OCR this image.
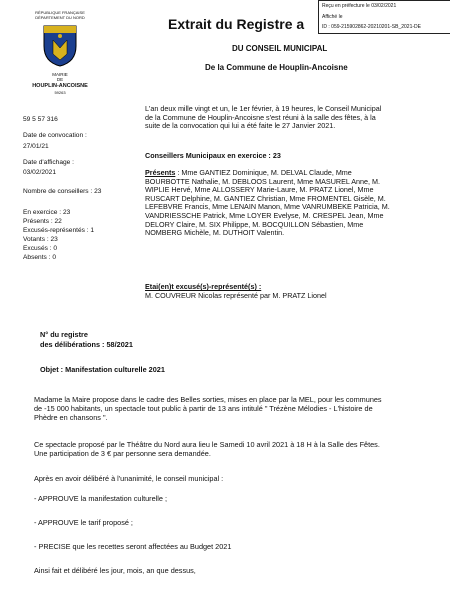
Reçu en préfecture le 03/02/2021
Affiché le
ID : 059-215902862-20210201-SB_2021-DE
RÉPUBLIQUE FRANÇAISE
DÉPARTEMENT DU NORD
MAIRIE
DE
HOUPLIN-ANCOISNE
59263
Extrait du Registre a
DU CONSEIL MUNICIPAL
De la Commune de Houplin-Ancoisne
59 5 57 316
Date de convocation :
27/01/21
Date d'affichage :
03/02/2021
Nombre de conseillers : 23
En exercice : 23
Présents : 22
Excusés-représentés : 1
Votants : 23
Excusés : 0
Absents : 0
L'an deux mille vingt et un, le 1er février, à 19 heures, le Conseil Municipal
de la Commune de Houplin-Ancoisne s'est réuni à la salle des fêtes, à la
suite de la convocation qui lui a été faite le 27 Janvier 2021.
Conseillers Municipaux en exercice : 23
Présents : Mme GANTIEZ Dominique, M. DELVAL Claude, Mme
BOURBOTTE Nathalie, M. DEBLOOS Laurent, Mme MASUREL Anne, M.
WIPLIE Hervé, Mme ALLOSSERY Marie-Laure, M. PRATZ Lionel, Mme
RUSCART Delphine, M. GANTIEZ Christian, Mme FROMENTEL Gisèle, M.
LEFEBVRE Francis, Mme LENAIN Manon, Mme VANRUMBEKE Patricia, M.
VANDRIESSCHE Patrick, Mme LOYER Evelyse, M. CRESPEL Jean, Mme
DELORY Claire, M. SIX Philippe, M. BOCQUILLON Sébastien, Mme
NOMBERG Michèle, M. DUTHOIT Valentin.
Etai(en)t excusé(s)-représenté(s) :
M. COUVREUR Nicolas représenté par M. PRATZ Lionel
N° du registre
des délibérations : 58/2021
Objet : Manifestation culturelle 2021
Madame la Maire propose dans le cadre des Belles sorties, mises en place par la MEL, pour les communes
de -15 000 habitants, un spectacle tout public à partir de 13 ans intitulé " Trézène Mélodies - L'histoire de
Phèdre en chansons ".
Ce spectacle proposé par le Théâtre du Nord aura lieu le Samedi 10 avril 2021 à 18 H à la Salle des Fêtes.
Une participation de 3 € par personne sera demandée.
Après en avoir délibéré à l'unanimité, le conseil municipal :
- APPROUVE la manifestation culturelle ;
- APPROUVE le tarif proposé ;
- PRECISE que les recettes seront affectées au Budget 2021
Ainsi fait et délibéré les jour, mois, an que dessus,
